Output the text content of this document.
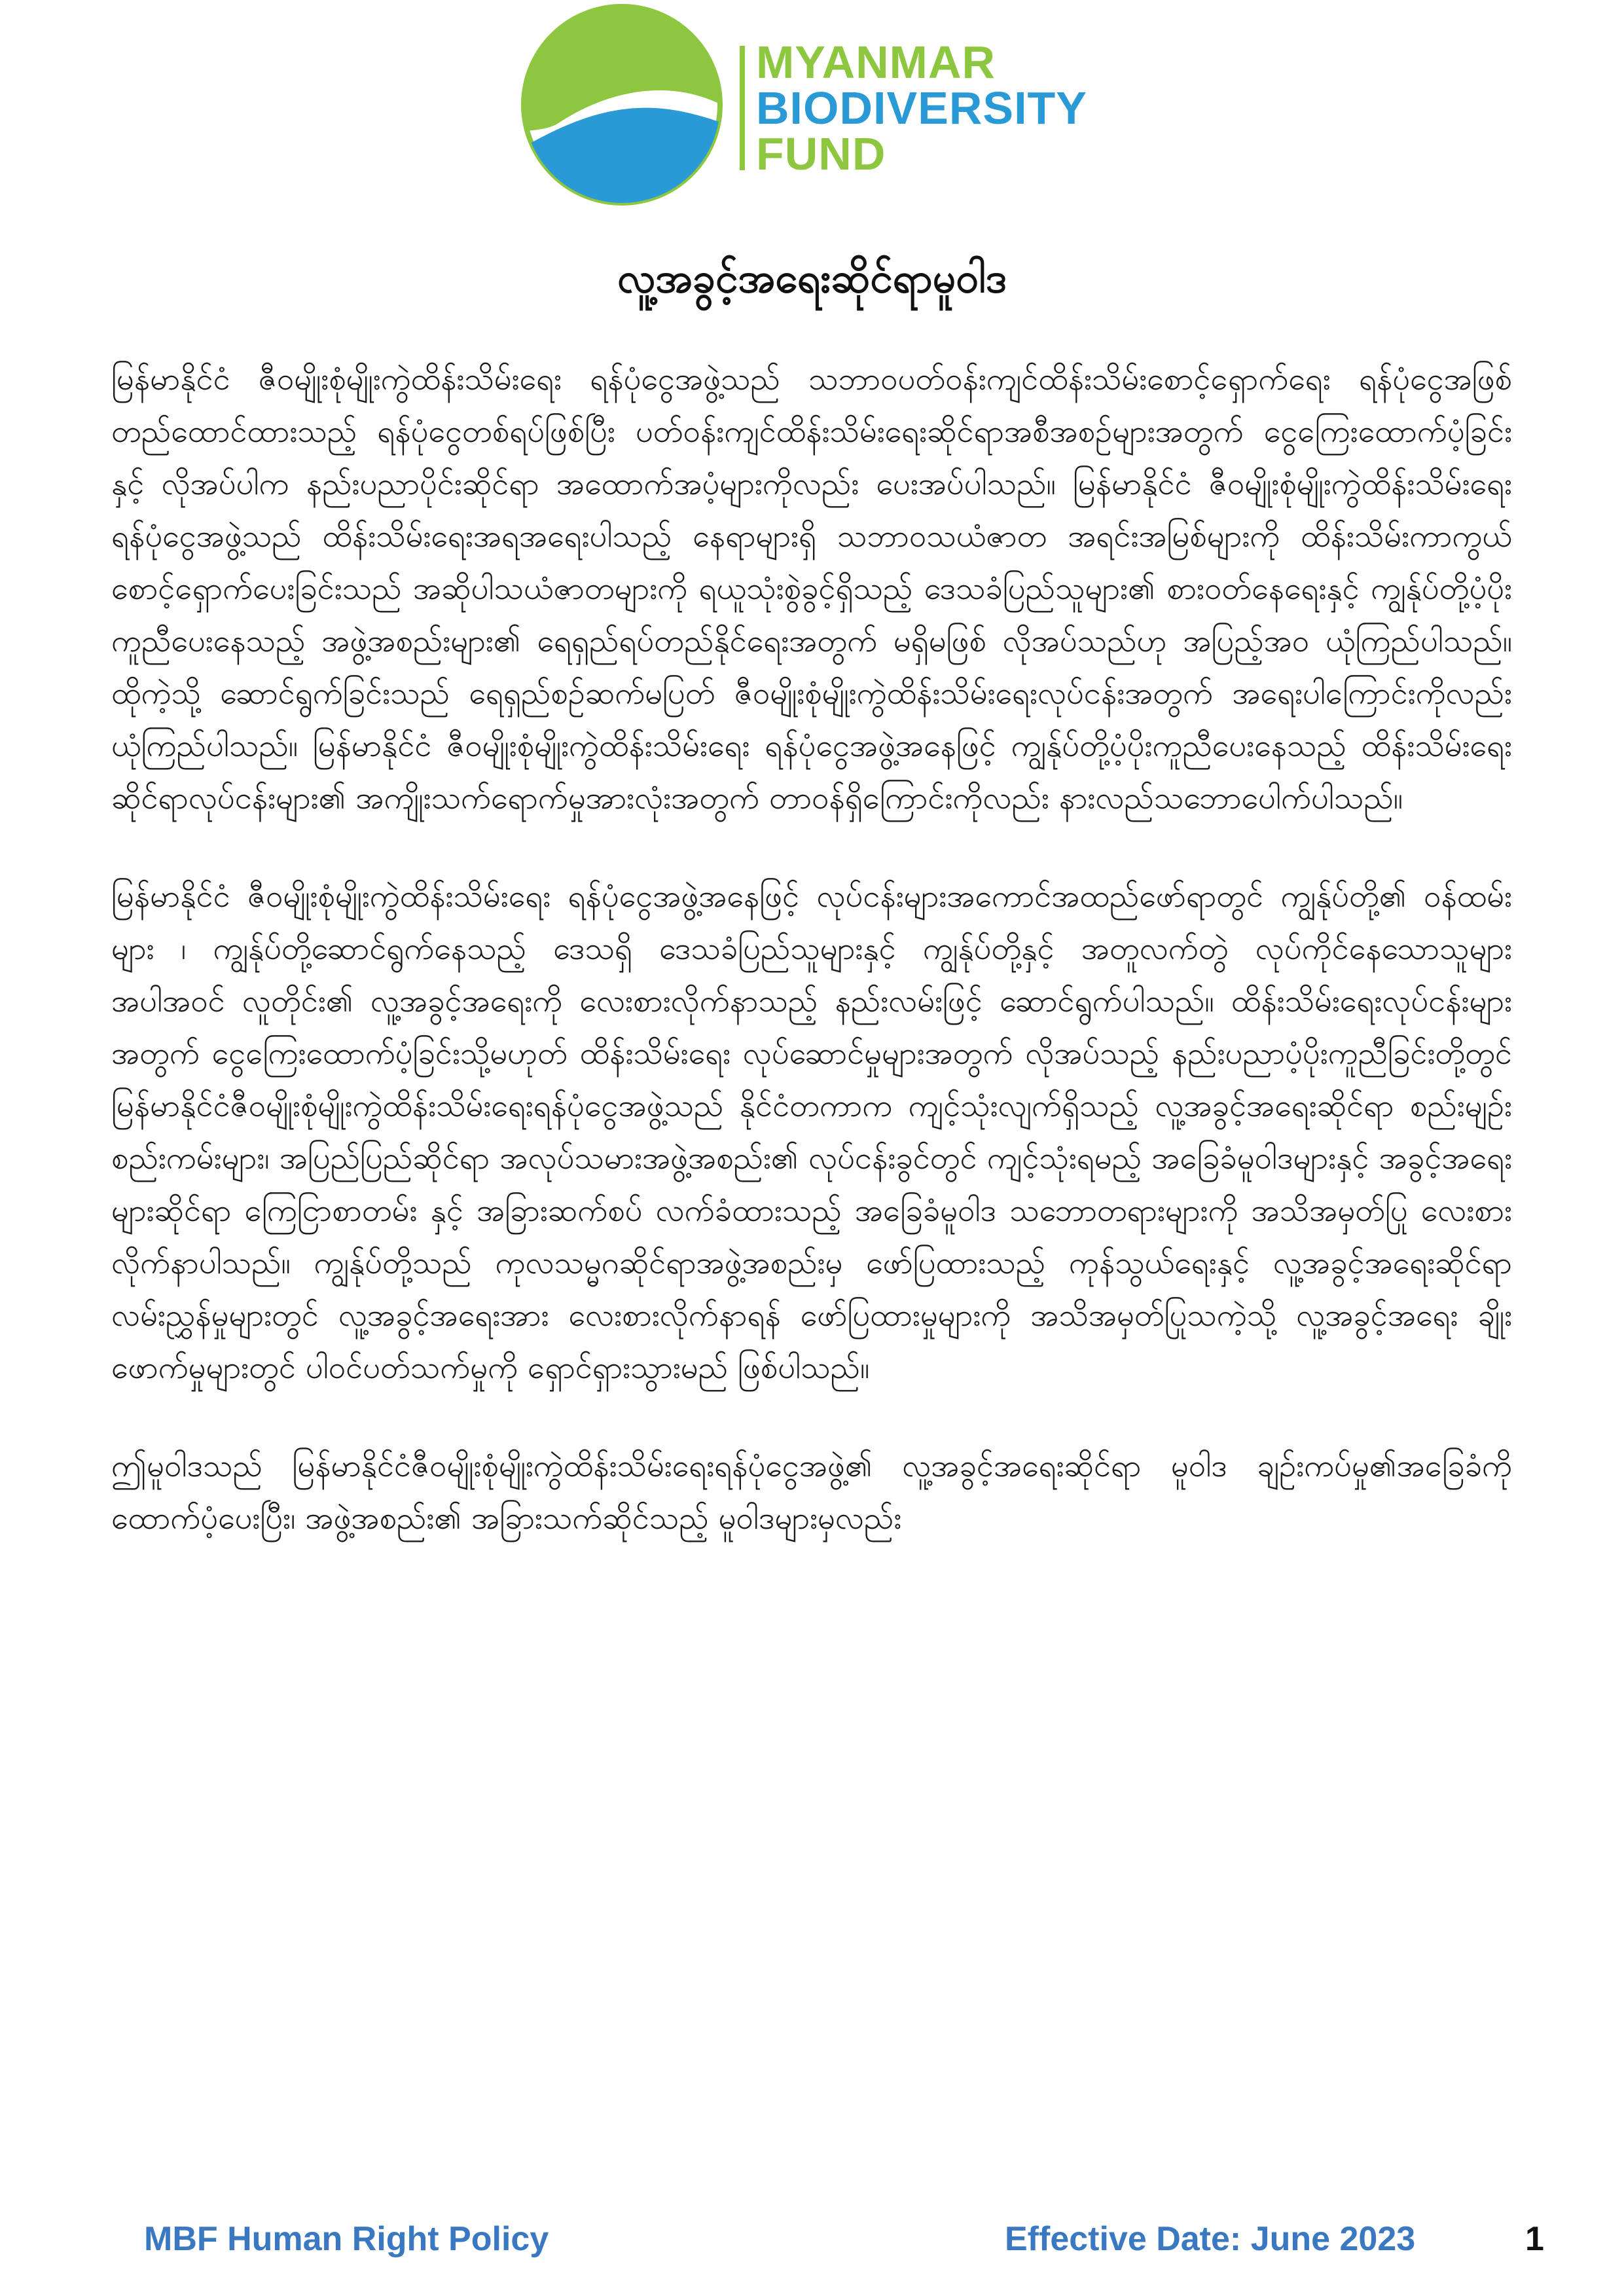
MYANMAR
BIODIVERSITY
FUND
လူ့အခွင့်အရေးဆိုင်ရာမူဝါဒ

မြန်မာနိုင်ငံ ဇီဝမျိုးစုံမျိုးကွဲထိန်းသိမ်းရေး ရန်ပုံငွေအဖွဲ့သည် သဘာဝပတ်ဝန်းကျင်ထိန်းသိမ်းစောင့်ရှောက်ရေး ရန်ပုံငွေအဖြစ် တည်ထောင်ထားသည့် ရန်ပုံငွေတစ်ရပ်ဖြစ်ပြီး ပတ်ဝန်းကျင်ထိန်းသိမ်းရေးဆိုင်ရာအစီအစဉ်များအတွက် ငွေကြေးထောက်ပံ့ခြင်းနှင့် လိုအပ်ပါက နည်းပညာပိုင်းဆိုင်ရာ အထောက်အပံ့များကိုလည်း ပေးအပ်ပါသည်။ မြန်မာနိုင်ငံ ဇီဝမျိုးစုံမျိုးကွဲထိန်းသိမ်းရေး ရန်ပုံငွေအဖွဲ့သည် ထိန်းသိမ်းရေးအရအရေးပါသည့် နေရာများရှိ သဘာဝသယံဇာတ အရင်းအမြစ်များကို ထိန်းသိမ်းကာကွယ်စောင့်ရှောက်ပေးခြင်းသည် အဆိုပါသယံဇာတများကို ရယူသုံးစွဲခွင့်ရှိသည့် ဒေသခံပြည်သူများ၏ စားဝတ်နေရေးနှင့် ကျွန်ုပ်တို့ပံ့ပိုးကူညီပေးနေသည့် အဖွဲ့အစည်းများ၏ ရေရှည်ရပ်တည်နိုင်ရေးအတွက် မရှိမဖြစ် လိုအပ်သည်ဟု အပြည့်အဝ ယုံကြည်ပါသည်။ ထိုကဲ့သို့ ဆောင်ရွက်ခြင်းသည် ရေရှည်စဉ်ဆက်မပြတ် ဇီဝမျိုးစုံမျိုးကွဲထိန်းသိမ်းရေးလုပ်ငန်းအတွက် အရေးပါကြောင်းကိုလည်း ယုံကြည်ပါသည်။ မြန်မာနိုင်ငံ ဇီဝမျိုးစုံမျိုးကွဲထိန်းသိမ်းရေး ရန်ပုံငွေအဖွဲ့အနေဖြင့် ကျွန်ုပ်တို့ပံ့ပိုးကူညီပေးနေသည့် ထိန်းသိမ်းရေးဆိုင်ရာလုပ်ငန်းများ၏ အကျိုးသက်ရောက်မှုအားလုံးအတွက် တာဝန်ရှိကြောင်းကိုလည်း နားလည်သဘောပေါက်ပါသည်။

မြန်မာနိုင်ငံ ဇီဝမျိုးစုံမျိုးကွဲထိန်းသိမ်းရေး ရန်ပုံငွေအဖွဲ့အနေဖြင့် လုပ်ငန်းများအကောင်အထည်ဖော်ရာတွင် ကျွန်ုပ်တို့၏ ဝန်ထမ်းများ ၊ ကျွန်ုပ်တို့ဆောင်ရွက်နေသည့် ဒေသရှိ ဒေသခံပြည်သူများနှင့် ကျွန်ုပ်တို့နှင့် အတူလက်တွဲ လုပ်ကိုင်နေသောသူများ အပါအဝင် လူတိုင်း၏ လူ့အခွင့်အရေးကို လေးစားလိုက်နာသည့် နည်းလမ်းဖြင့် ဆောင်ရွက်ပါသည်။ ထိန်းသိမ်းရေးလုပ်ငန်းများအတွက် ငွေကြေးထောက်ပံ့ခြင်းသို့မဟုတ် ထိန်းသိမ်းရေး လုပ်ဆောင်မှုများအတွက် လိုအပ်သည့် နည်းပညာပံ့ပိုးကူညီခြင်းတို့တွင် မြန်မာနိုင်ငံဇီဝမျိုးစုံမျိုးကွဲထိန်းသိမ်းရေးရန်ပုံငွေအဖွဲ့သည် နိုင်ငံတကာက ကျင့်သုံးလျက်ရှိသည့် လူ့အခွင့်အရေးဆိုင်ရာ စည်းမျဉ်းစည်းကမ်းများ၊ အပြည်ပြည်ဆိုင်ရာ အလုပ်သမားအဖွဲ့အစည်း၏ လုပ်ငန်းခွင်တွင် ကျင့်သုံးရမည့် အခြေခံမူဝါဒများနှင့် အခွင့်အရေးများဆိုင်ရာ ကြေငြာစာတမ်း နှင့် အခြားဆက်စပ် လက်ခံထားသည့် အခြေခံမူဝါဒ သဘောတရားများကို အသိအမှတ်ပြု လေးစားလိုက်နာပါသည်။ ကျွန်ုပ်တို့သည် ကုလသမ္မဂဆိုင်ရာအဖွဲ့အစည်းမှ ဖော်ပြထားသည့် ကုန်သွယ်ရေးနှင့် လူ့အခွင့်အရေးဆိုင်ရာ လမ်းညွှန်မှုများတွင် လူ့အခွင့်အရေးအား လေးစားလိုက်နာရန် ဖော်ပြထားမှုများကို အသိအမှတ်ပြုသကဲ့သို့ လူ့အခွင့်အရေး ချိုးဖောက်မှုများတွင် ပါဝင်ပတ်သက်မှုကို ရှောင်ရှားသွားမည် ဖြစ်ပါသည်။

ဤမူဝါဒသည် မြန်မာနိုင်ငံဇီဝမျိုးစုံမျိုးကွဲထိန်းသိမ်းရေးရန်ပုံငွေအဖွဲ့၏ လူ့အခွင့်အရေးဆိုင်ရာ မူဝါဒ ချဉ်းကပ်မှု၏အခြေခံကို ထောက်ပံ့ပေးပြီး၊ အဖွဲ့အစည်း၏ အခြားသက်ဆိုင်သည့် မူဝါဒများမှလည်း

MBF Human Right Policy	Effective Date: June 2023	1
